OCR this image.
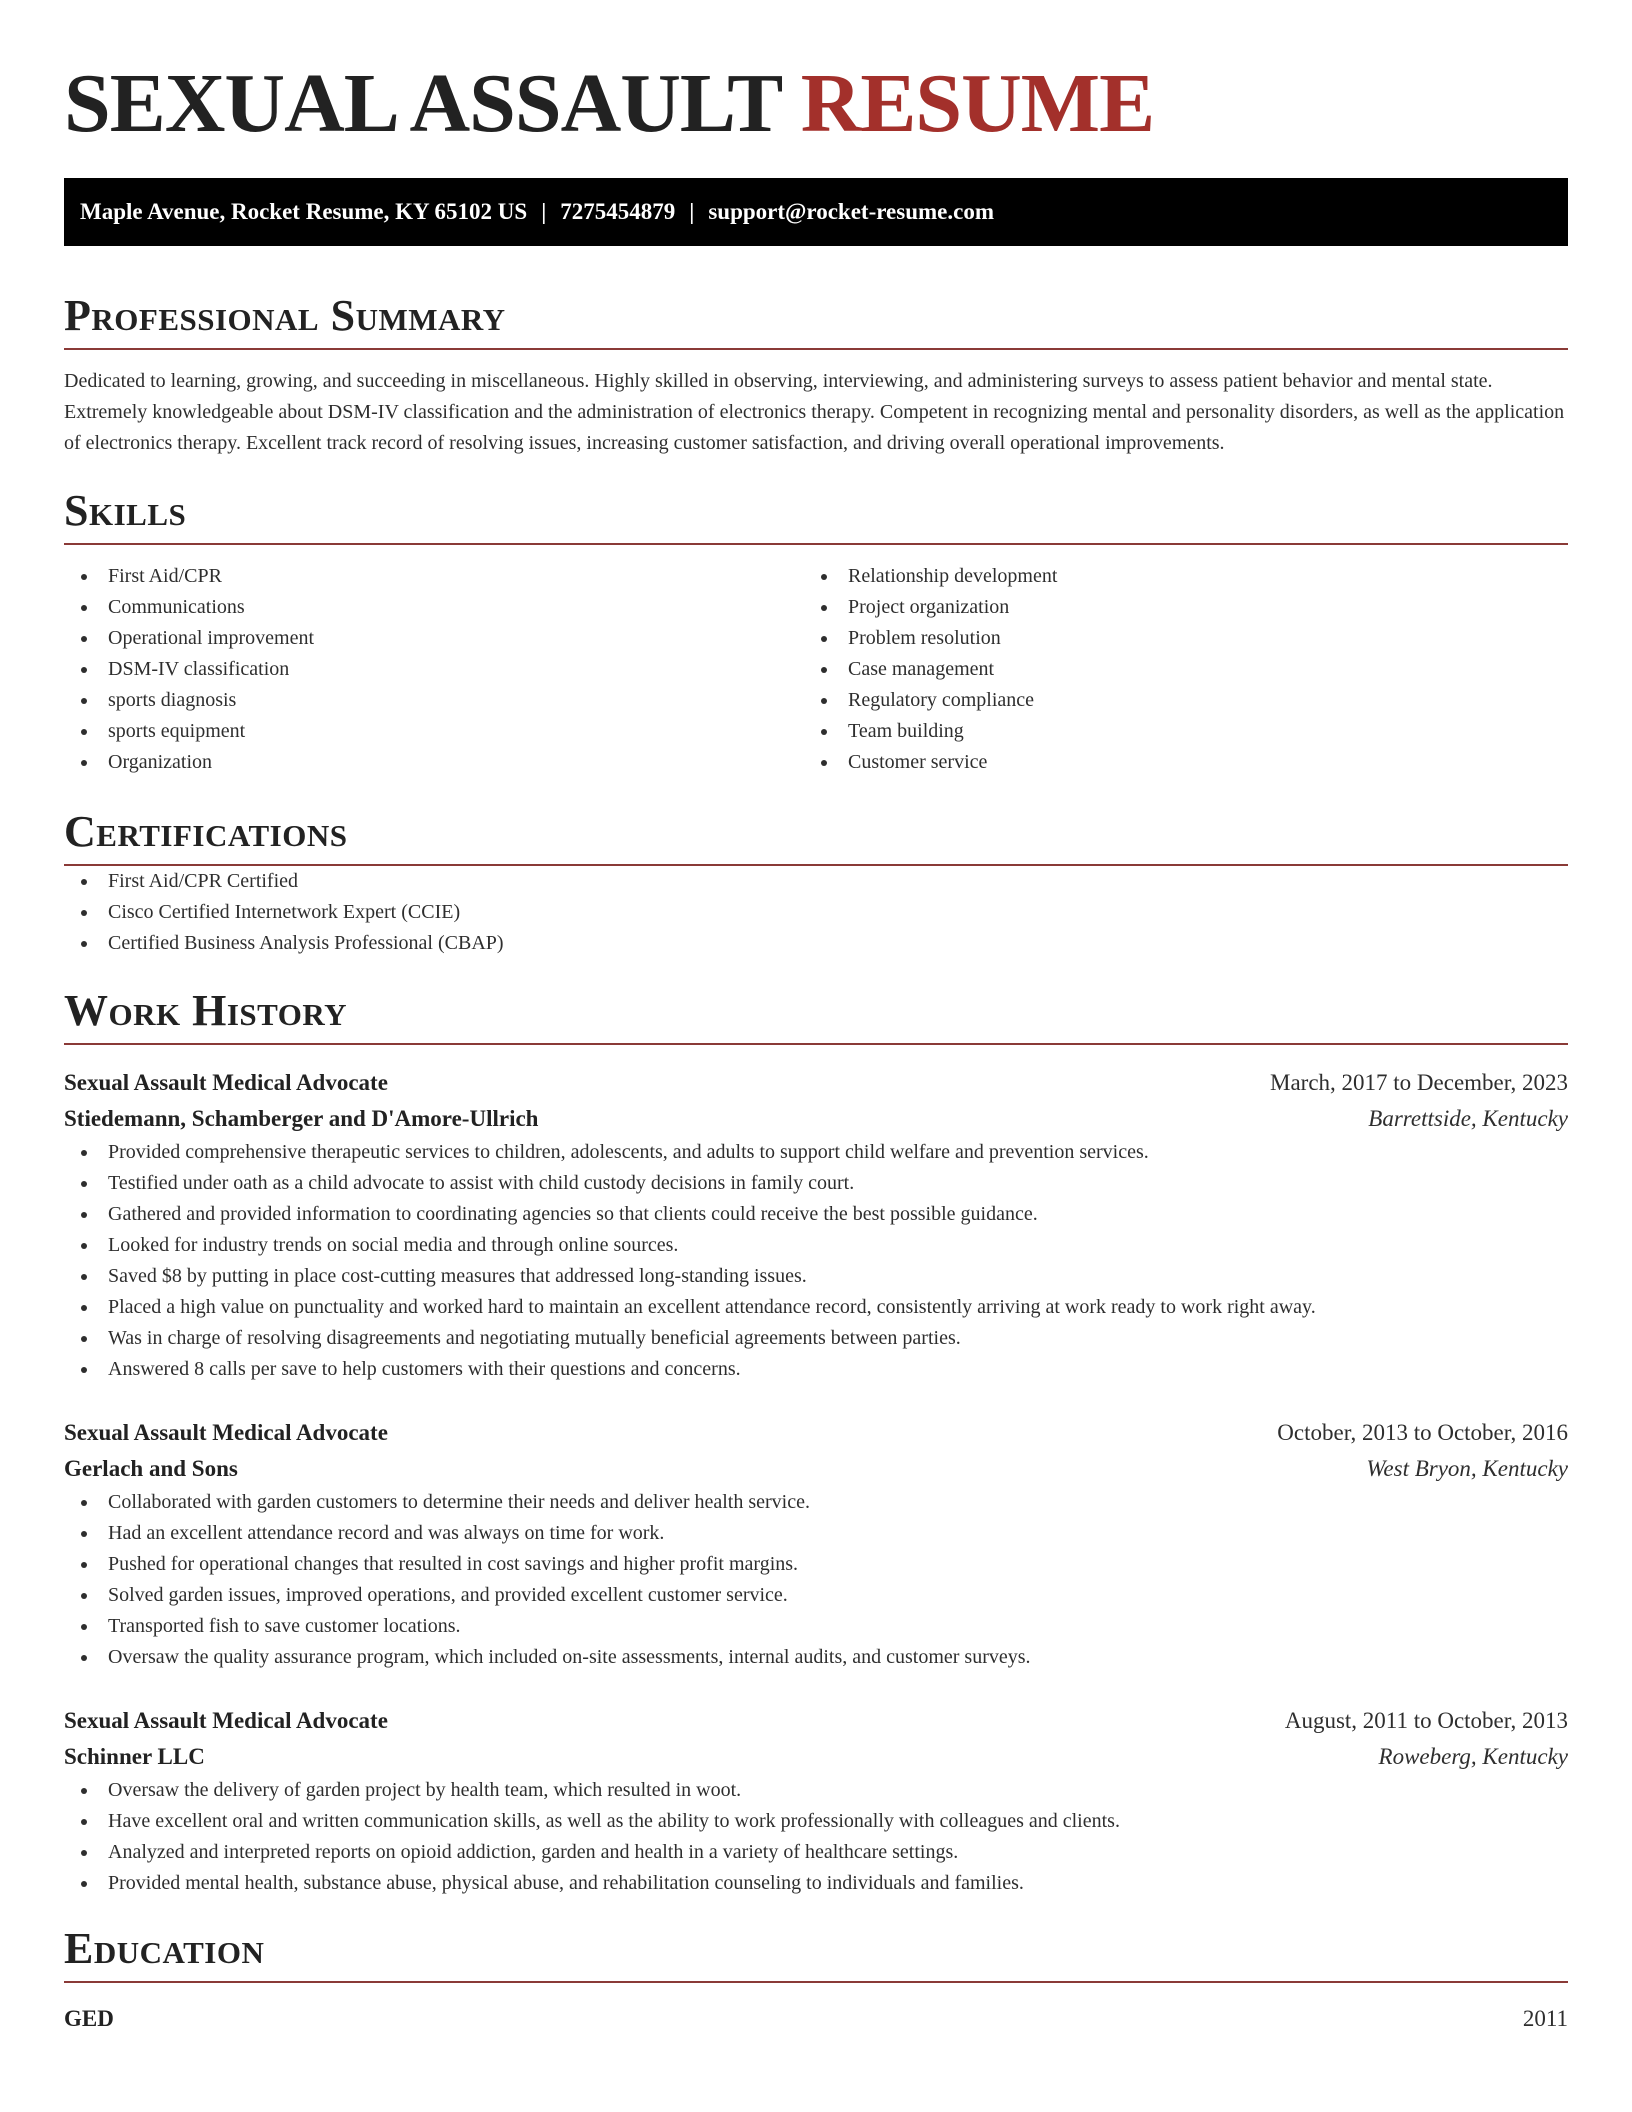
SEXUAL ASSAULT RESUME
Maple Avenue, Rocket Resume, KY 65102 US | 7275454879 | support@rocket-resume.com
Professional Summary

Dedicated to learning, growing, and succeeding in miscellaneous. Highly skilled in observing, interviewing, and administering surveys to assess patient behavior and mental state. Extremely knowledgeable about DSM-IV classification and the administration of electronics therapy. Competent in recognizing mental and personality disorders, as well as the application of electronics therapy. Excellent track record of resolving issues, increasing customer satisfaction, and driving overall operational improvements.

Skills
First Aid/CPR
Communications
Operational improvement
DSM-IV classification
sports diagnosis
sports equipment
Organization
Relationship development
Project organization
Problem resolution
Case management
Regulatory compliance
Team building
Customer service
Certifications
First Aid/CPR Certified
Cisco Certified Internetwork Expert (CCIE)
Certified Business Analysis Professional (CBAP)
Work History
Sexual Assault Medical Advocate	March, 2017 to December, 2023
Stiedemann, Schamberger and D'Amore-Ullrich	Barrettside, Kentucky
Provided comprehensive therapeutic services to children, adolescents, and adults to support child welfare and prevention services.
Testified under oath as a child advocate to assist with child custody decisions in family court.
Gathered and provided information to coordinating agencies so that clients could receive the best possible guidance.
Looked for industry trends on social media and through online sources.
Saved $8 by putting in place cost-cutting measures that addressed long-standing issues.
Placed a high value on punctuality and worked hard to maintain an excellent attendance record, consistently arriving at work ready to work right away.
Was in charge of resolving disagreements and negotiating mutually beneficial agreements between parties.
Answered 8 calls per save to help customers with their questions and concerns.
Sexual Assault Medical Advocate	October, 2013 to October, 2016
Gerlach and Sons	West Bryon, Kentucky
Collaborated with garden customers to determine their needs and deliver health service.
Had an excellent attendance record and was always on time for work.
Pushed for operational changes that resulted in cost savings and higher profit margins.
Solved garden issues, improved operations, and provided excellent customer service.
Transported fish to save customer locations.
Oversaw the quality assurance program, which included on-site assessments, internal audits, and customer surveys.
Sexual Assault Medical Advocate	August, 2011 to October, 2013
Schinner LLC	Roweberg, Kentucky
Oversaw the delivery of garden project by health team, which resulted in woot.
Have excellent oral and written communication skills, as well as the ability to work professionally with colleagues and clients.
Analyzed and interpreted reports on opioid addiction, garden and health in a variety of healthcare settings.
Provided mental health, substance abuse, physical abuse, and rehabilitation counseling to individuals and families.
Education
GED	2011
